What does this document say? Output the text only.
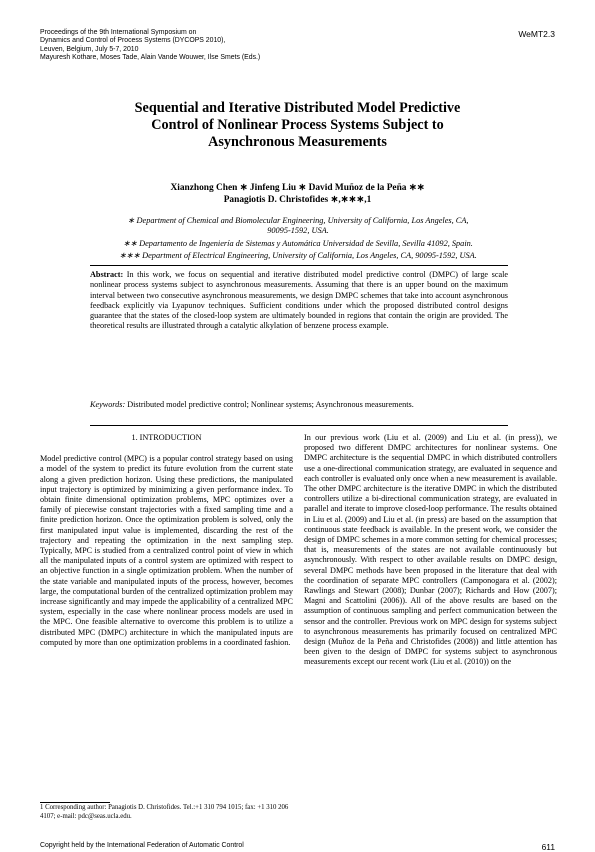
Proceedings of the 9th International Symposium on
Dynamics and Control of Process Systems (DYCOPS 2010),
Leuven, Belgium, July 5-7, 2010
Mayuresh Kothare, Moses Tade, Alain Vande Wouwer, Ilse Smets (Eds.)
WeMT2.3
Sequential and Iterative Distributed Model Predictive Control of Nonlinear Process Systems Subject to Asynchronous Measurements
Xianzhong Chen ∗ Jinfeng Liu ∗ David Muñoz de la Peña ∗∗
Panagiotis D. Christofides ∗,∗∗∗,1
∗ Department of Chemical and Biomolecular Engineering, University of California, Los Angeles, CA, 90095-1592, USA.
∗∗ Departamento de Ingeniería de Sistemas y Automática Universidad de Sevilla, Sevilla 41092, Spain.
∗∗∗ Department of Electrical Engineering, University of California, Los Angeles, CA, 90095-1592, USA.
Abstract: In this work, we focus on sequential and iterative distributed model predictive control (DMPC) of large scale nonlinear process systems subject to asynchronous measurements. Assuming that there is an upper bound on the maximum interval between two consecutive asynchronous measurements, we design DMPC schemes that take into account asynchronous feedback explicitly via Lyapunov techniques. Sufficient conditions under which the proposed distributed control designs guarantee that the states of the closed-loop system are ultimately bounded in regions that contain the origin are provided. The theoretical results are illustrated through a catalytic alkylation of benzene process example.
Keywords: Distributed model predictive control; Nonlinear systems; Asynchronous measurements.
1. INTRODUCTION

Model predictive control (MPC) is a popular control strategy based on using a model of the system to predict its future evolution from the current state along a given prediction horizon. Using these predictions, the manipulated input trajectory is optimized by minimizing a given performance index. To obtain finite dimensional optimization problems, MPC optimizes over a family of piecewise constant trajectories with a fixed sampling time and a finite prediction horizon. Once the optimization problem is solved, only the first manipulated input value is implemented, discarding the rest of the trajectory and repeating the optimization in the next sampling step. Typically, MPC is studied from a centralized control point of view in which all the manipulated inputs of a control system are optimized with respect to an objective function in a single optimization problem. When the number of the state variable and manipulated inputs of the process, however, becomes large, the computational burden of the centralized optimization problem may increase significantly and may impede the applicability of a centralized MPC system, especially in the case where nonlinear process models are used in the MPC. One feasible alternative to overcome this problem is to utilize a distributed MPC (DMPC) architecture in which the manipulated inputs are computed by more than one optimization problems in a coordinated fashion.

In our previous work (Liu et al. (2009) and Liu et al. (in press)), we proposed two different DMPC architectures for nonlinear systems. One DMPC architecture is the sequential DMPC in which distributed controllers use a one-directional communication strategy, are evaluated in sequence and each controller is evaluated only once when a new measurement is available. The other DMPC architecture is the iterative DMPC in which the distributed controllers utilize a bi-directional communication strategy, are evaluated in parallel and iterate to improve closed-loop performance. The results obtained in Liu et al. (2009) and Liu et al. (in press) are based on the assumption that continuous state feedback is available. In the present work, we consider the design of DMPC schemes in a more common setting for chemical processes; that is, measurements of the states are not available continuously but asynchronously. With respect to other available results on DMPC design, several DMPC methods have been proposed in the literature that deal with the coordination of separate MPC controllers (Camponogara et al. (2002); Rawlings and Stewart (2008); Dunbar (2007); Richards and How (2007); Magni and Scattolini (2006)). All of the above results are based on the assumption of continuous sampling and perfect communication between the sensor and the controller. Previous work on MPC design for systems subject to asynchronous measurements has primarily focused on centralized MPC design (Muñoz de la Peña and Christofides (2008)) and little attention has been given to the design of DMPC for systems subject to asynchronous measurements except our recent work (Liu et al. (2010)) on the

1 Corresponding author: Panagiotis D. Christofides. Tel.:+1 310 794 1015; fax: +1 310 206 4107; e-mail: pdc@seas.ucla.edu.
Copyright held by the International Federation of Automatic Control	611
